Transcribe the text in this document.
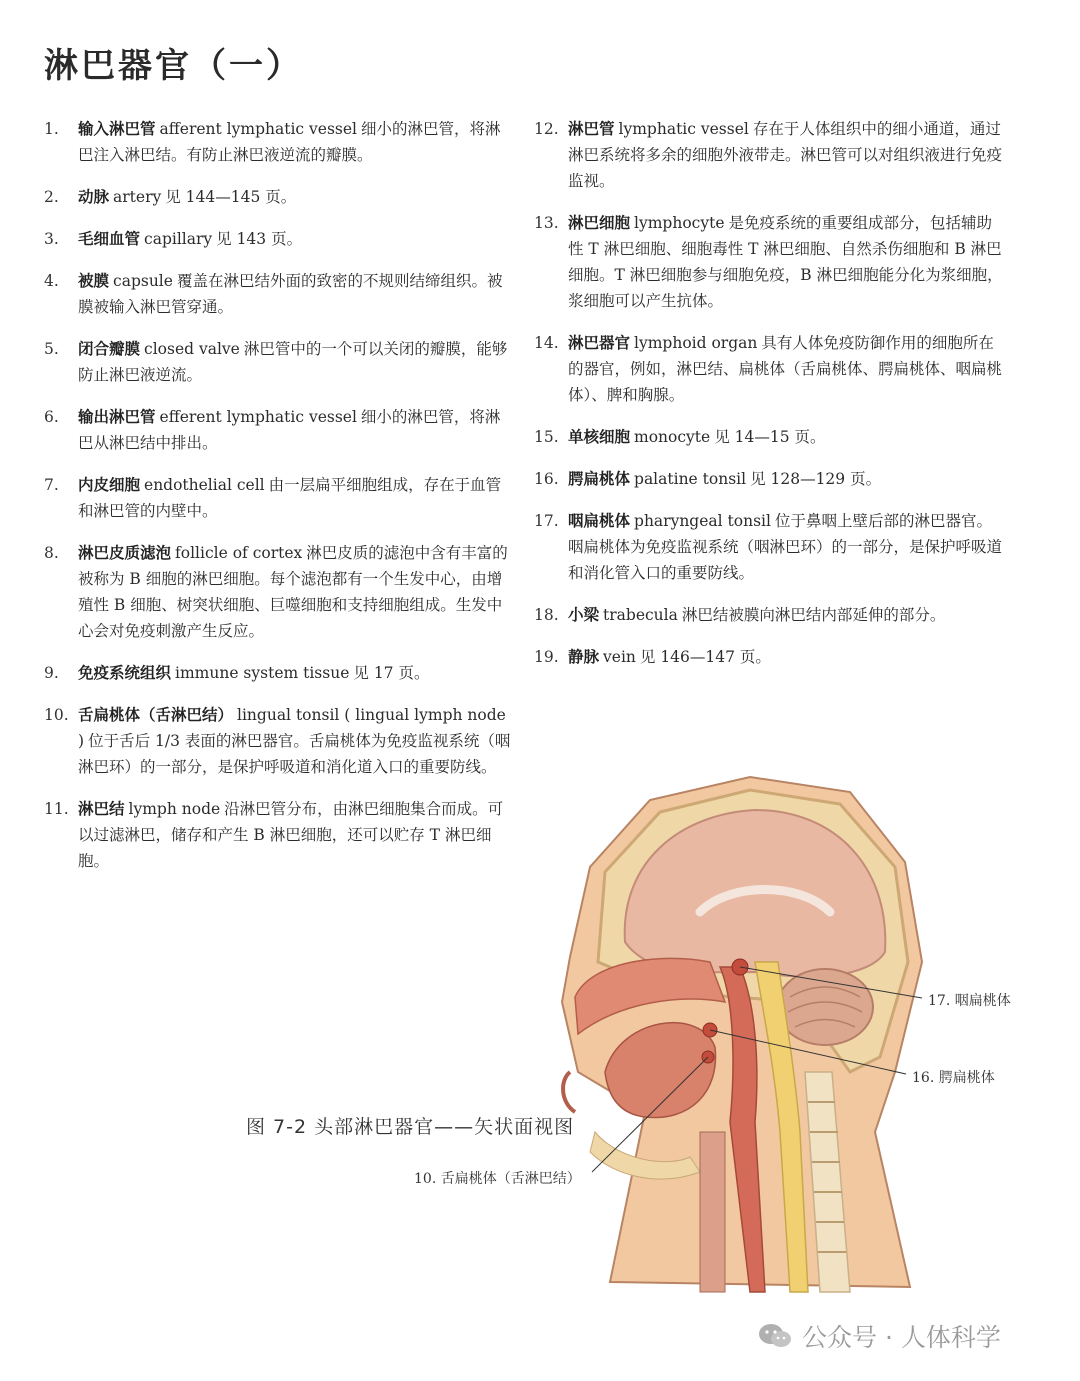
淋巴器官（一）
1.	输入淋巴管 afferent lymphatic vessel 细小的淋巴管，将淋巴注入淋巴结。有防止淋巴液逆流的瓣膜。
2.	动脉 artery 见 144—145 页。
3.	毛细血管 capillary 见 143 页。
4.	被膜 capsule 覆盖在淋巴结外面的致密的不规则结缔组织。被膜被输入淋巴管穿通。
5.	闭合瓣膜 closed valve 淋巴管中的一个可以关闭的瓣膜，能够防止淋巴液逆流。
6.	输出淋巴管 efferent lymphatic vessel 细小的淋巴管，将淋巴从淋巴结中排出。
7.	内皮细胞 endothelial cell 由一层扁平细胞组成，存在于血管和淋巴管的内壁中。
8.	淋巴皮质滤泡 follicle of cortex 淋巴皮质的滤泡中含有丰富的被称为 B 细胞的淋巴细胞。每个滤泡都有一个生发中心，由增殖性 B 细胞、树突状细胞、巨噬细胞和支持细胞组成。生发中心会对免疫刺激产生反应。
9.	免疫系统组织 immune system tissue 见 17 页。
10. 舌扁桃体（舌淋巴结） lingual tonsil ( lingual lymph node ) 位于舌后 1/3 表面的淋巴器官。舌扁桃体为免疫监视系统（咽淋巴环）的一部分，是保护呼吸道和消化道入口的重要防线。
11. 淋巴结 lymph node 沿淋巴管分布，由淋巴细胞集合而成。可以过滤淋巴，储存和产生 B 淋巴细胞，还可以贮存 T 淋巴细胞。
12. 淋巴管 lymphatic vessel 存在于人体组织中的细小通道，通过淋巴系统将多余的细胞外液带走。淋巴管可以对组织液进行免疫监视。
13. 淋巴细胞 lymphocyte 是免疫系统的重要组成部分，包括辅助性 T 淋巴细胞、细胞毒性 T 淋巴细胞、自然杀伤细胞和 B 淋巴细胞。T 淋巴细胞参与细胞免疫，B 淋巴细胞能分化为浆细胞，浆细胞可以产生抗体。
14. 淋巴器官 lymphoid organ 具有人体免疫防御作用的细胞所在的器官，例如，淋巴结、扁桃体（舌扁桃体、腭扁桃体、咽扁桃体）、脾和胸腺。
15. 单核细胞 monocyte 见 14—15 页。
16. 腭扁桃体 palatine tonsil 见 128—129 页。
17. 咽扁桃体 pharyngeal tonsil 位于鼻咽上壁后部的淋巴器官。咽扁桃体为免疫监视系统（咽淋巴环）的一部分，是保护呼吸道和消化管入口的重要防线。
18. 小梁 trabecula 淋巴结被膜向淋巴结内部延伸的部分。
19. 静脉 vein 见 146—147 页。
17. 咽扁桃体
16. 腭扁桃体
10. 舌扁桃体（舌淋巴结）
图 7-2 头部淋巴器官——矢状面视图
公众号 · 人体科学
